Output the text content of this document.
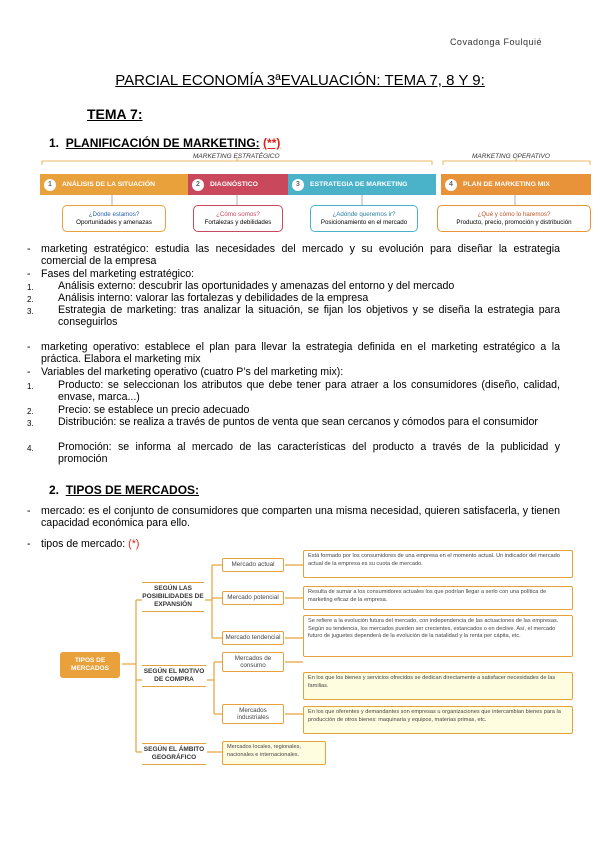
Covadonga Foulquié
PARCIAL ECONOMÍA 3ªEVALUACIÓN: TEMA 7, 8 Y 9:
TEMA 7:
1. PLANIFICACIÓN DE MARKETING: (**)
MARKETING ESTRATÉGICO	MARKETING OPERATIVO
1	ANÁLISIS DE LA SITUACIÓN	2	DIAGNÓSTICO	3	ESTRATEGIA DE MARKETING	4	PLAN DE MARKETING MIX
¿Dónde estamos?
Oportunidades y amenazas
¿Cómo somos?
Fortalezas y debilidades
¿Adónde queremos ir?
Posicionamiento en el mercado
¿Qué y cómo lo haremos?
Producto, precio, promoción y distribución
- marketing estratégico: estudia las necesidades del mercado y su evolución para diseñar la estrategia comercial de la empresa
- Fases del marketing estratégico:
1. Análisis externo: descubrir las oportunidades y amenazas del entorno y del mercado
2. Análisis interno: valorar las fortalezas y debilidades de la empresa
3. Estrategia de marketing: tras analizar la situación, se fijan los objetivos y se diseña la estrategia para conseguirlos
- marketing operativo: establece el plan para llevar la estrategia definida en el marketing estratégico a la práctica. Elabora el marketing mix
- Variables del marketing operativo (cuatro P’s del marketing mix):
1. Producto: se seleccionan los atributos que debe tener para atraer a los consumidores (diseño, calidad, envase, marca...)
2. Precio: se establece un precio adecuado
3. Distribución: se realiza a través de puntos de venta que sean cercanos y cómodos para el consumidor
4. Promoción: se informa al mercado de las características del producto a través de la publicidad y promoción
2. TIPOS DE MERCADOS:
- mercado: es el conjunto de consumidores que comparten una misma necesidad, quieren satisfacerla, y tienen capacidad económica para ello.
- tipos de mercado: (*)
TIPOS DE MERCADOS
SEGÚN LAS POSIBILIDADES DE EXPANSIÓN
SEGÚN EL MOTIVO DE COMPRA
SEGÚN EL ÁMBITO GEOGRÁFICO
Mercado actual
Mercado potencial
Mercado tendencial
Mercados de consumo
Mercados industriales
Está formado por los consumidores de una empresa en el momento actual. Un indicador del mercado actual de la empresa es su cuota de mercado.
Resulta de sumar a los consumidores actuales los que podrían llegar a serlo con una política de marketing eficaz de la empresa.
Se refiere a la evolución futura del mercado, con independencia de las actuaciones de las empresas. Según su tendencia, los mercados pueden ser crecientes, estancados o en declive. Así, el mercado futuro de juguetes dependerá de la evolución de la natalidad y la renta per cápita, etc.
En los que los bienes y servicios ofrecidos se dedican directamente a satisfacer necesidades de las familias.
En los que oferentes y demandantes son empresas u organizaciones que intercambian bienes para la producción de otros bienes: maquinaria y equipos, materias primas, etc.
Mercados locales, regionales, nacionales e internacionales.
